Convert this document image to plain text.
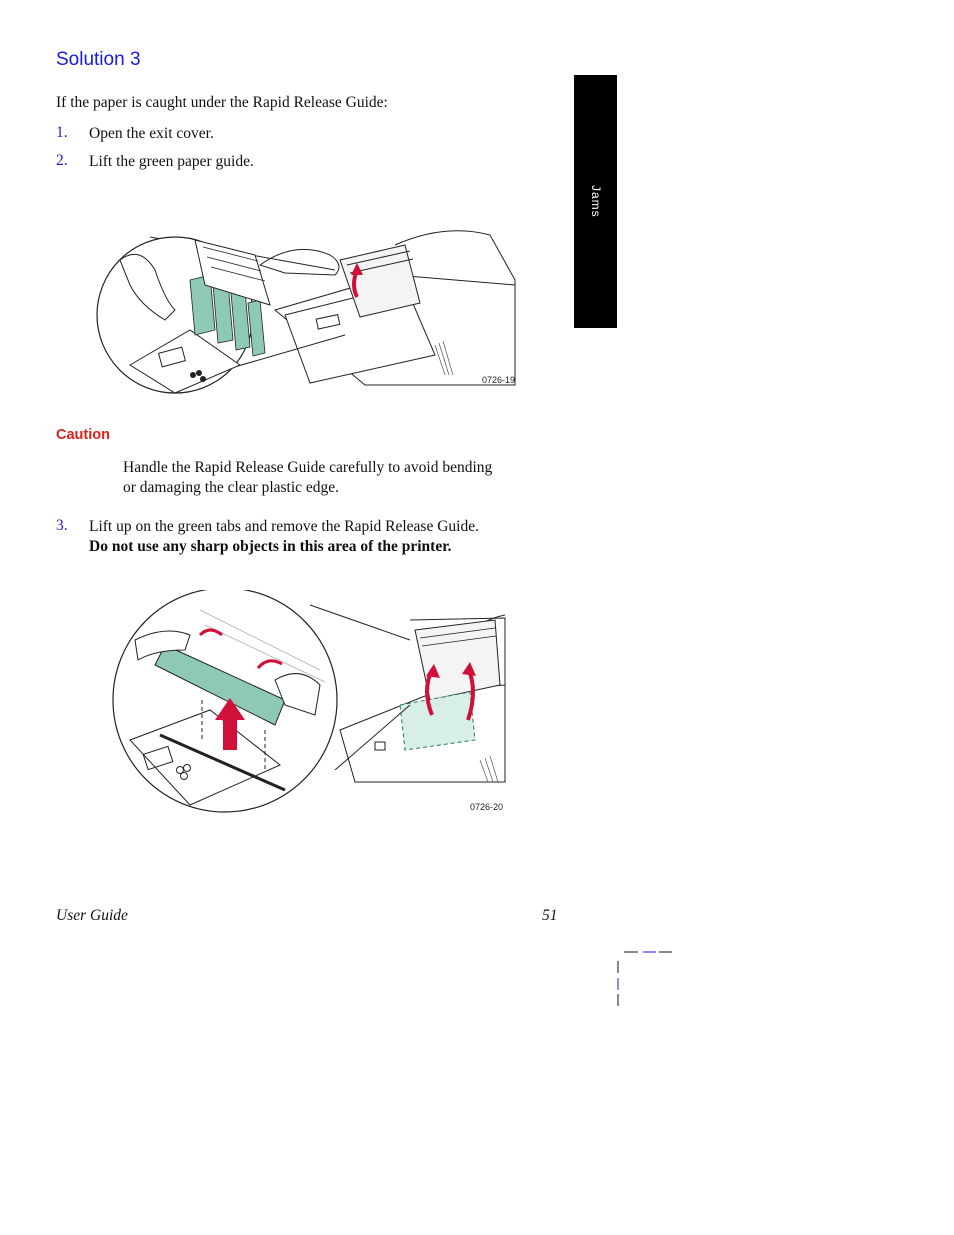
Solution 3
If the paper is caught under the Rapid Release Guide:
1. Open the exit cover.
2. Lift the green paper guide.
0726-19
Caution
Handle the Rapid Release Guide carefully to avoid bending
or damaging the clear plastic edge.
3. Lift up on the green tabs and remove the Rapid Release Guide.
Do not use any sharp objects in this area of the printer.
0726-20
Jams
User Guide	51
